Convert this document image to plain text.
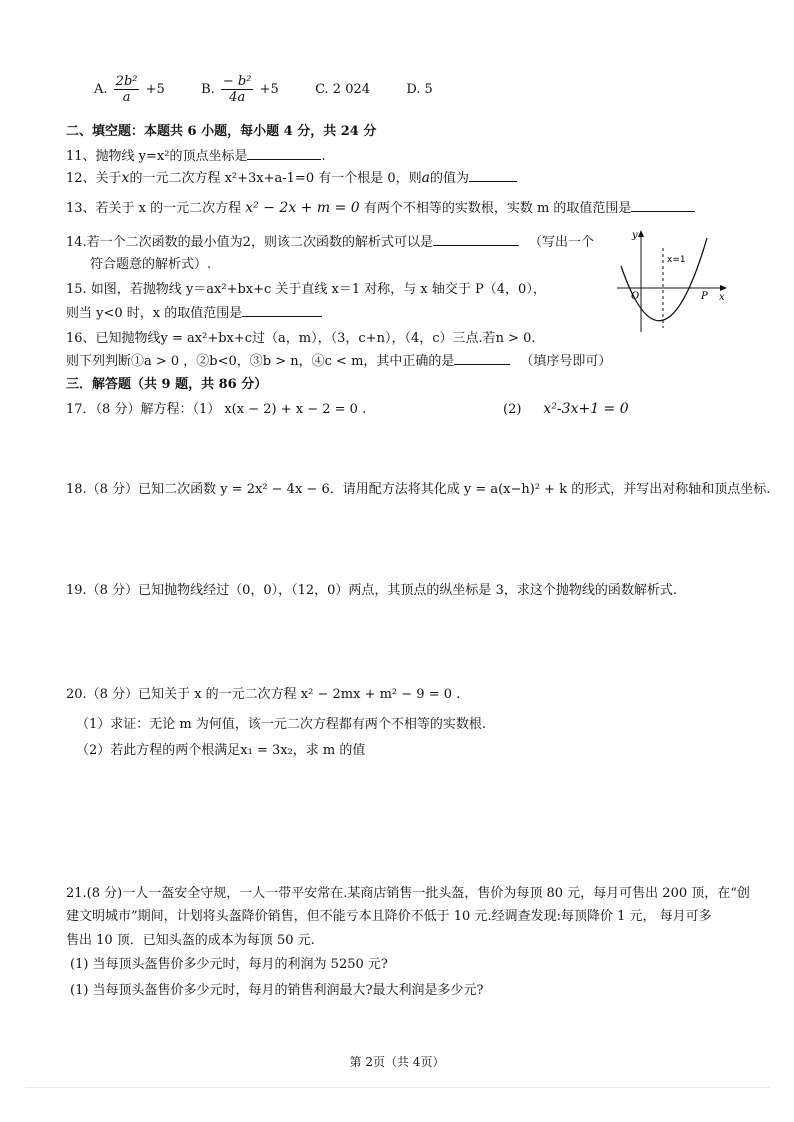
A. $\frac{\text{2b²}}{a} +5$	B. $\frac{\text{− b²}}{4a} +5$	C. 2 024	D. 5
二、填空题：本题共 6 小题，每小题 4 分，共 24 分
11、抛物线 y=x²的顶点坐标是	.
12、关于x的一元二次方程 x²+3x+a-1=0 有一个根是 0，则a的值为
13、若关于 x 的一元二次方程 x² − 2x + m = 0 有两个不相等的实数根，实数 m 的取值范围是
14.若一个二次函数的最小值为2，则该二次函数的解析式可以是	（写出一个
符合题意的解析式）.
15. 如图，若抛物线 y＝ax²+bx+c 关于直线 x＝1 对称，与 x 轴交于 P（4，0），
则当 y<0 时，x 的取值范围是
y
x
O	P
x=1
16、已知抛物线y = ax²+bx+c过（a，m），（3，c+n），（4，c）三点.若n > 0.
则下列判断①a > 0 ，②b<0，③b > n，④c < m，其中正确的是	（填序号即可）
三．解答题（共 9 题，共 86 分）
17．（8 分）解方程：（1） x(x − 2) + x − 2 = 0 .	(2) x²-3x+1 = 0
18.（8 分）已知二次函数 y = 2x² − 4x − 6．请用配方法将其化成 y = a(x−h)² + k 的形式，并写出对称轴和顶点坐标.
19.（8 分）已知抛物线经过（0，0），（12，0）两点，其顶点的纵坐标是 3，求这个抛物线的函数解析式.
20.（8 分）已知关于 x 的一元二次方程 x² − 2mx + m² − 9 = 0 .
（1）求证：无论 m 为何值，该一元二次方程都有两个不相等的实数根.
（2）若此方程的两个根满足x₁ = 3x₂，求 m 的值
21.(8 分)一人一盔安全守规，一人一带平安常在.某商店销售一批头盔，售价为每顶 80 元，每月可售出 200 顶，在“创
建文明城市”期间，计划将头盔降价销售，但不能亏本且降价不低于 10 元.经调查发现:每顶降价 1 元， 每月可多
售出 10 顶．已知头盔的成本为每顶 50 元.
(1) 当每顶头盔售价多少元时，每月的利润为 5250 元?
(1) 当每顶头盔售价多少元时，每月的销售利润最大?最大利润是多少元?
第 2页（共 4页）
